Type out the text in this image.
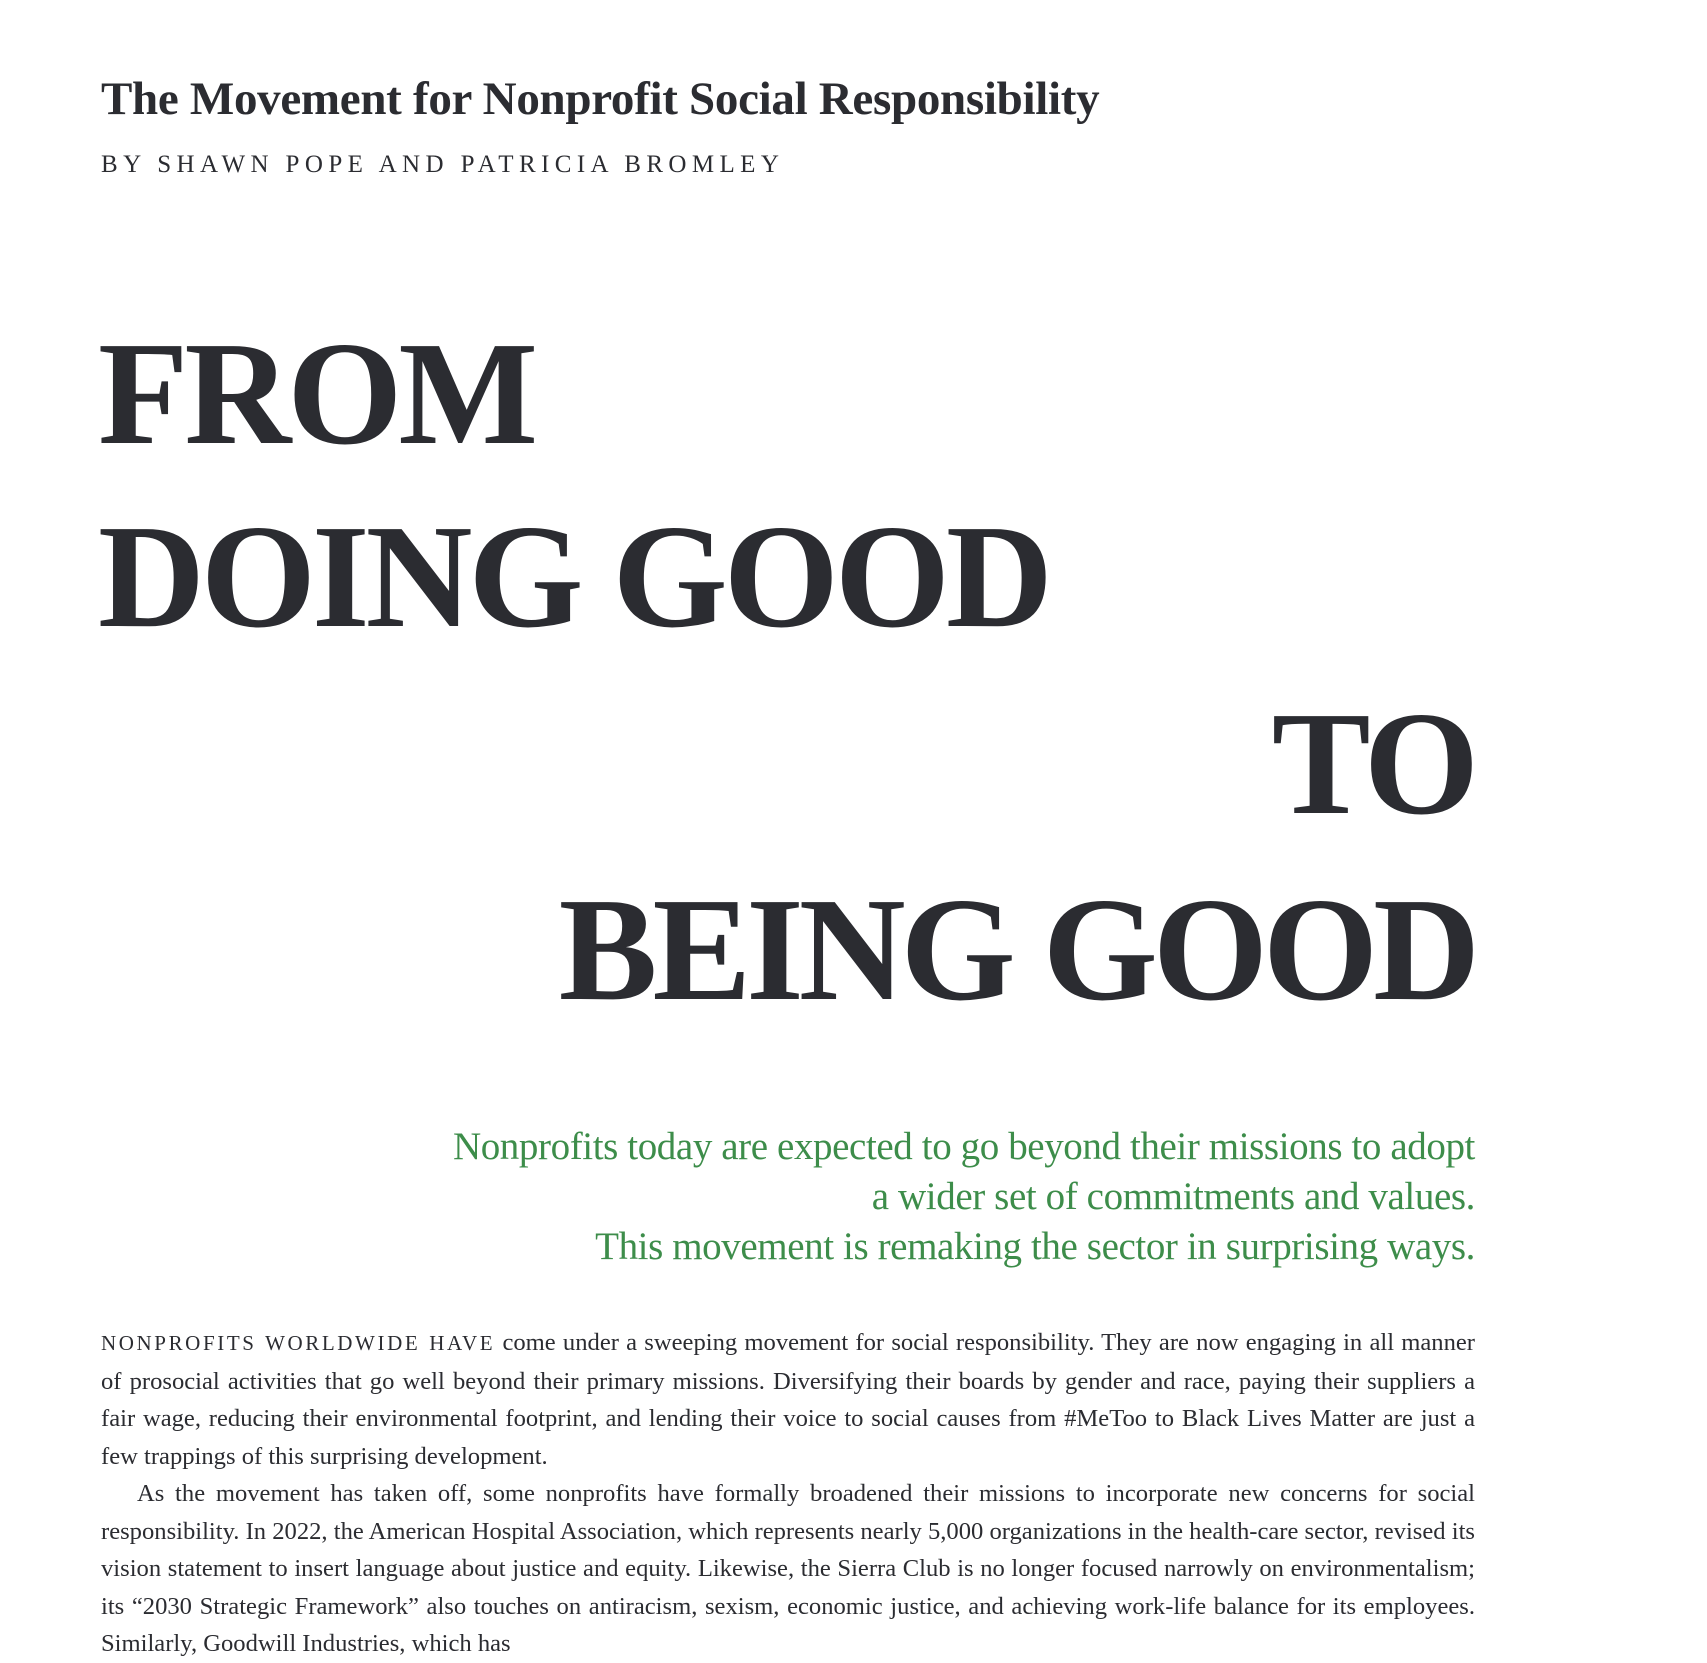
The Movement for Nonprofit Social Responsibility
BY SHAWN POPE AND PATRICIA BROMLEY
FROM
DOING GOOD
TO
BEING GOOD
Nonprofits today are expected to go beyond their missions to adopt
a wider set of commitments and values.
This movement is remaking the sector in surprising ways.

NONPROFITS WORLDWIDE HAVE come under a sweeping movement for social responsibility. They are now engaging in all manner of prosocial activities that go well beyond their primary missions. Diversifying their boards by gender and race, paying their suppliers a fair wage, reducing their environmental footprint, and lending their voice to social causes from #MeToo to Black Lives Matter are just a few trappings of this surprising development.

As the movement has taken off, some nonprofits have formally broadened their missions to incorporate new concerns for social responsibility. In 2022, the American Hospital Association, which represents nearly 5,000 organizations in the health-care sector, revised its vision statement to insert language about justice and equity. Likewise, the Sierra Club is no longer focused narrowly on environmentalism; its “2030 Strategic Framework” also touches on antiracism, sexism, economic justice, and achieving work-life balance for its employees. Similarly, Goodwill Industries, which has
